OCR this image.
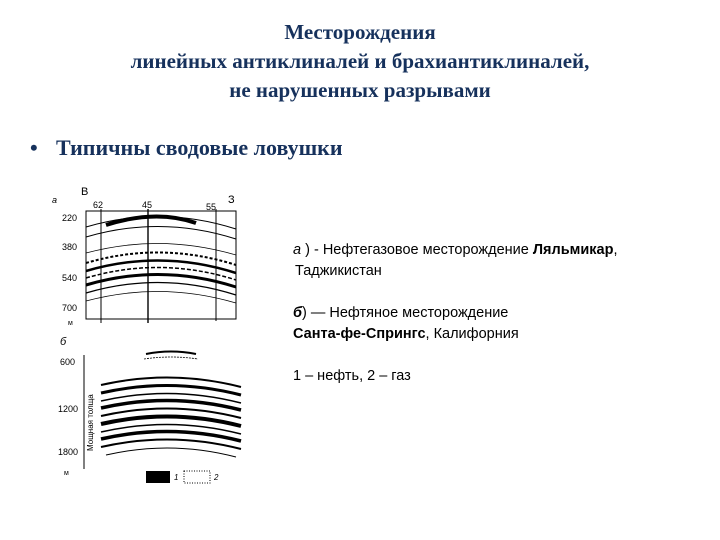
Месторождения
линейных антиклиналей и брахиантиклиналей,
не нарушенных разрывами
• Типичны сводовые ловушки
а
В
З
62	45	55
220
380
540
700
м
б
600
1200
1800
м
Мощная толща
1	2

а ) - Нефтегазовое месторождение Ляльмикар,
Таджикистан

б) — Нефтяное месторождение
Санта-фе-Спрингс, Калифорния

1 – нефть, 2 – газ
